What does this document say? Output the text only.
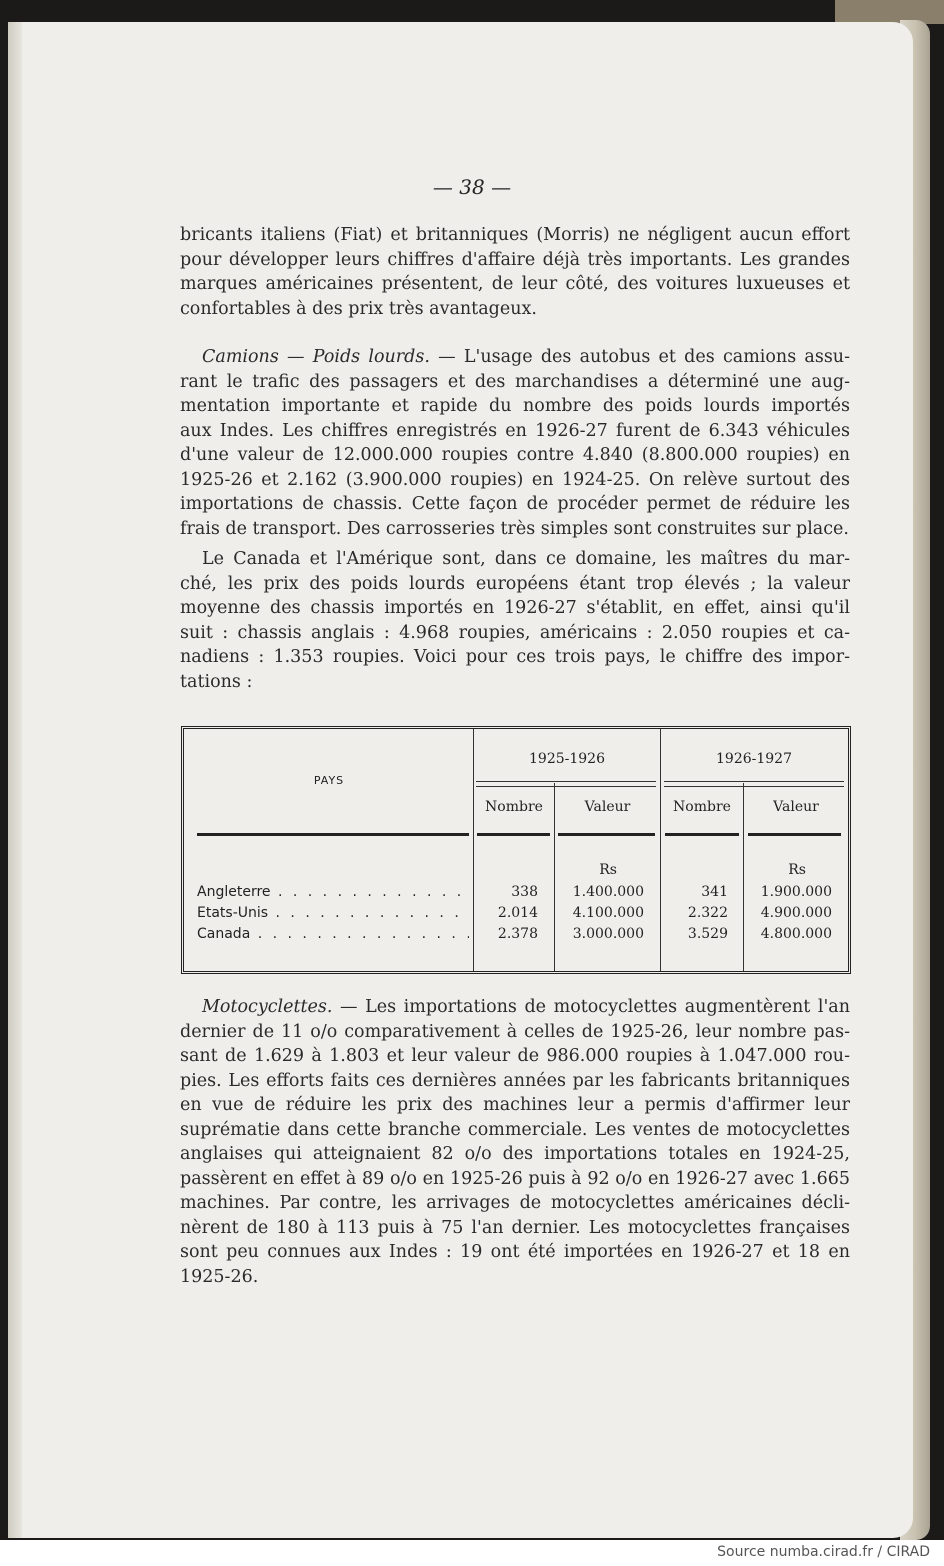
— 38 —
bricants italiens (Fiat) et britanniques (Morris) ne négligent aucun effort
pour développer leurs chiffres d'affaire déjà très importants. Les grandes
marques américaines présentent, de leur côté, des voitures luxueuses et
confortables à des prix très avantageux.
Camions — Poids lourds. — L'usage des autobus et des camions assu-
rant le trafic des passagers et des marchandises a déterminé une aug-
mentation importante et rapide du nombre des poids lourds importés
aux Indes. Les chiffres enregistrés en 1926-27 furent de 6.343 véhicules
d'une valeur de 12.000.000 roupies contre 4.840 (8.800.000 roupies) en
1925-26 et 2.162 (3.900.000 roupies) en 1924-25. On relève surtout des
importations de chassis. Cette façon de procéder permet de réduire les
frais de transport. Des carrosseries très simples sont construites sur place.
Le Canada et l'Amérique sont, dans ce domaine, les maîtres du mar-
ché, les prix des poids lourds européens étant trop élevés ; la valeur
moyenne des chassis importés en 1926-27 s'établit, en effet, ainsi qu'il
suit : chassis anglais : 4.968 roupies, américains : 2.050 roupies et ca-
nadiens : 1.353 roupies. Voici pour ces trois pays, le chiffre des impor-
tations :
PAYS
1925-1926	1926-1927
Nombre	Valeur	Nombre	Valeur
Rs	Rs
Angleterre . . .	338	1.400.000	341	1.900.000
Etats-Unis . . .	2.014	4.100.000	2.322	4.900.000
Canada . . .	2.378	3.000.000	3.529	4.800.000
Motocyclettes. — Les importations de motocyclettes augmentèrent l'an
dernier de 11 o/o comparativement à celles de 1925-26, leur nombre pas-
sant de 1.629 à 1.803 et leur valeur de 986.000 roupies à 1.047.000 rou-
pies. Les efforts faits ces dernières années par les fabricants britanniques
en vue de réduire les prix des machines leur a permis d'affirmer leur
suprématie dans cette branche commerciale. Les ventes de motocyclettes
anglaises qui atteignaient 82 o/o des importations totales en 1924-25,
passèrent en effet à 89 o/o en 1925-26 puis à 92 o/o en 1926-27 avec 1.665
machines. Par contre, les arrivages de motocyclettes américaines décli-
nèrent de 180 à 113 puis à 75 l'an dernier. Les motocyclettes françaises
sont peu connues aux Indes : 19 ont été importées en 1926-27 et 18 en
1925-26.
Source numba.cirad.fr / CIRAD
